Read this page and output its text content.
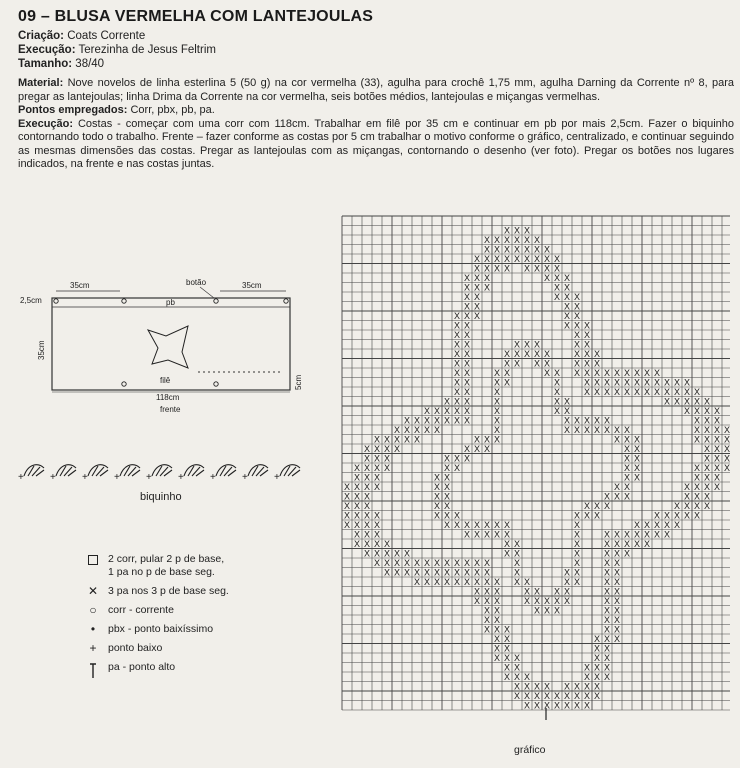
09 – BLUSA VERMELHA COM LANTEJOULAS

Criação: Coats Corrente

Execução: Terezinha de Jesus Feltrim

Tamanho: 38/40

Material: Nove novelos de linha esterlina 5 (50 g) na cor vermelha (33), agulha para crochê 1,75 mm, agulha Darning da Corrente nº 8, para pregar as lantejoulas; linha Drima da Corrente na cor vermelha, seis botões médios, lantejoulas e miçangas vermelhas.

Pontos empregados: Corr, pbx, pb, pa.

Execução: Costas - começar com uma corr com 118cm. Trabalhar em filê por 35 cm e continuar em pb por mais 2,5cm. Fazer o biquinho contornando todo o trabalho. Frente – fazer conforme as costas por 5 cm trabalhar o motivo conforme o gráfico, centralizado, e continuar seguindo as mesmas dimensões das costas. Pregar as lantejoulas com as miçangas, contornando o desenho (ver foto). Pregar os botões nos lugares indicados, na frente e nas costas juntas.

35cm	35cm
botão
pb
2,5cm
35cm
5cm
filê
118cm
frente
+	+	+	+	+	+	+	+	+
biquinho
2 corr, pular 2 p de base,
1 pa no p de base seg.
✕ 3 pa nos 3 p de base seg.
○	corr - corrente
•	pbx - ponto baixíssimo
+	ponto baixo
pa - ponto alto
X X X
X X X X X X
X X X X X X X
X X X X X X X X X
X X X X X X X X
X X X	X X X
X X X	X X
X X	X X X
X X	X X
X X X	X X
X X	X X X
X X	X X
X X	X X X	X X
X X	X X X X X	X X X
X X	X X X X	X X X
X X	X X	X X X X X X X X X X X
X X	X X	X	X X X X X X X X X X X
X X	X	X	X X X X X X X X X X X X
X X X	X	X X	X X X X X
X X X X X	X	X X	X X X X
X X X X X X X	X	X X X X X	X X X
X X X X X	X	X X X X X X X	X X X X
X X X X X	X X X	X X X	X X X X
X X X X	X X X	X X	X X X
X X X	X X X	X X	X X X
X X X X	X X	X X	X X X X
X X X	X X	X X	X X X
X X X X	X X	X X	X X X X
X X X	X X	X X X	X X X
X X X	X X	X X X	X X X X
X X X X	X X X	X X X	X X X X X
X X X X	X X X X X X X	X	X X X X X
X X X	X X X X X	X	X X X X X X X
X X X X	X X	X	X X X X X
X X X X X	X X	X	X X X
X X X X X X X X X X X X	X	X	X X
X X X X X X X X X X X	X	X X	X X
X X X X X X X X X X X	X X	X X
X X X	X X X X	X X
X X X	X X X X X	X X
X X	X X X	X X
X X	X X
X X X	X X
X X	X X X
X X	X X
X X X	X X
X X	X X X
X X X	X X X
X X X X X X X X
X X X X X X X X X
X X X X X X X
gráfico
